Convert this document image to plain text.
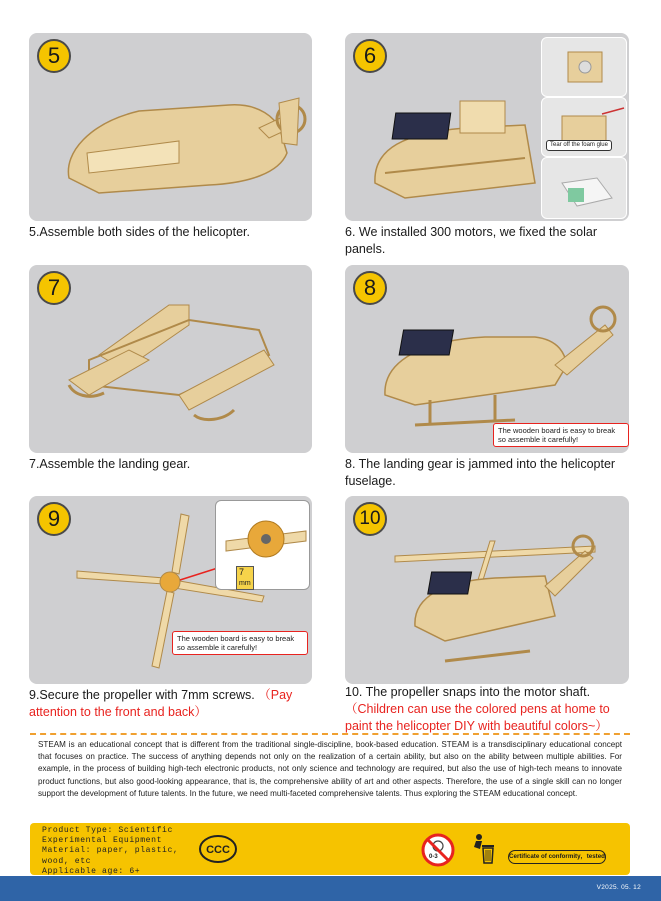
5
5.Assemble both sides of the helicopter.
Tear off the foam glue
6
6. We installed 300 motors, we fixed the solar panels.
7
7.Assemble the landing gear.
The wooden board is easy to break so assemble it carefully!
8
8. The landing gear is jammed into the helicopter fuselage.
7
mm
The wooden board is easy to break so assemble it carefully!
9
9.Secure the propeller with 7mm screws. （Pay attention to the front and back）
10
10. The propeller snaps into the motor shaft.
（Children can use the colored pens at home to paint the helicopter DIY with beautiful colors~）
STEAM is an educational concept that is different from the traditional single-discipline, book-based education. STEAM is a transdisciplinary educational concept that focuses on practice. The success of anything depends not only on the realization of a certain ability, but also on the ability between multiple abilities. For example, in the process of building high-tech electronic products, not only science and technology are required, but also the use of high-tech means to innovate product functions, but also good-looking appearance, that is, the comprehensive ability of art and other aspects. Therefore, the use of a single skill can no longer support the development of future talents. In the future, we need multi-faceted comprehensive talents. Thus exploring the STEAM educational concept.
Product Type: Scientific
Experimental Equipment
Material: paper, plastic,
wood, etc
Applicable age: 6+
CCC
0-3	Certificate of conformity，tested
V2025. 05. 12
